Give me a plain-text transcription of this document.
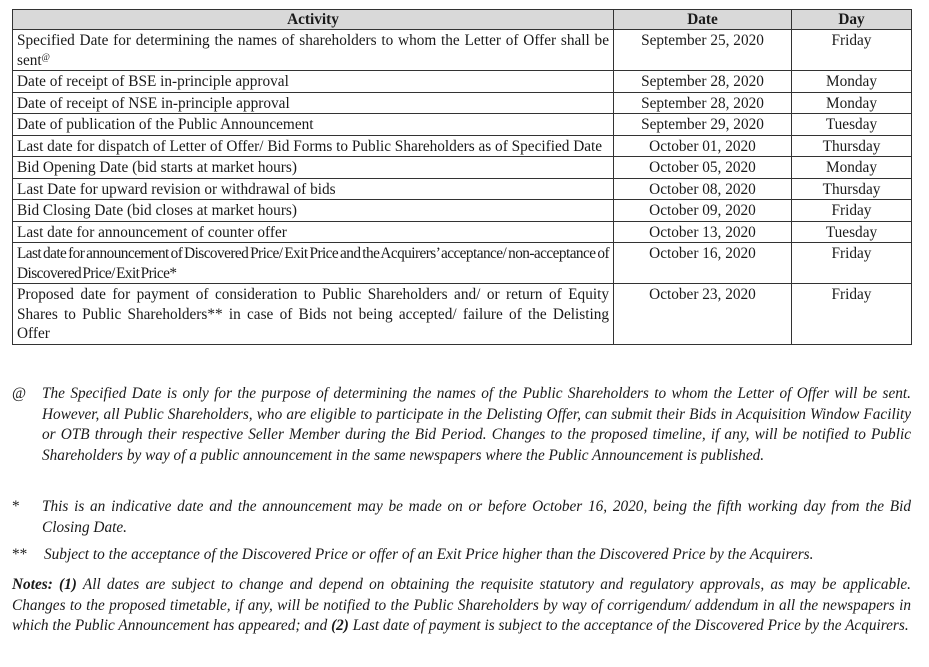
Activity	Date	Day
Specified Date for determining the names of shareholders to whom the Letter of Offer shall be sent@	September 25, 2020	Friday
Date of receipt of BSE in-principle approval	September 28, 2020	Monday
Date of receipt of NSE in-principle approval	September 28, 2020	Monday
Date of publication of the Public Announcement	September 29, 2020	Tuesday
Last date for dispatch of Letter of Offer/ Bid Forms to Public Shareholders as of Specified Date	October 01, 2020	Thursday
Bid Opening Date (bid starts at market hours)	October 05, 2020	Monday
Last Date for upward revision or withdrawal of bids	October 08, 2020	Thursday
Bid Closing Date (bid closes at market hours)	October 09, 2020	Friday
Last date for announcement of counter offer	October 13, 2020	Tuesday
Last date for announcement of Discovered Price/ Exit Price and the Acquirers’ acceptance/ non-acceptance of Discovered Price/ Exit Price*	October 16, 2020	Friday
Proposed date for payment of consideration to Public Shareholders and/ or return of Equity Shares to Public Shareholders** in case of Bids not being accepted/ failure of the Delisting Offer	October 23, 2020	Friday
@	The Specified Date is only for the purpose of determining the names of the Public Shareholders to whom the Letter of Offer will be sent. However, all Public Shareholders, who are eligible to participate in the Delisting Offer, can submit their Bids in Acquisition Window Facility or OTB through their respective Seller Member during the Bid Period. Changes to the proposed timeline, if any, will be notified to Public Shareholders by way of a public announcement in the same newspapers where the Public Announcement is published.
*	This is an indicative date and the announcement may be made on or before October 16, 2020, being the fifth working day from the Bid Closing Date.
**	Subject to the acceptance of the Discovered Price or offer of an Exit Price higher than the Discovered Price by the Acquirers.
Notes: (1) All dates are subject to change and depend on obtaining the requisite statutory and regulatory approvals, as may be applicable. Changes to the proposed timetable, if any, will be notified to the Public Shareholders by way of corrigendum/ addendum in all the newspapers in which the Public Announcement has appeared; and (2) Last date of payment is subject to the acceptance of the Discovered Price by the Acquirers.
